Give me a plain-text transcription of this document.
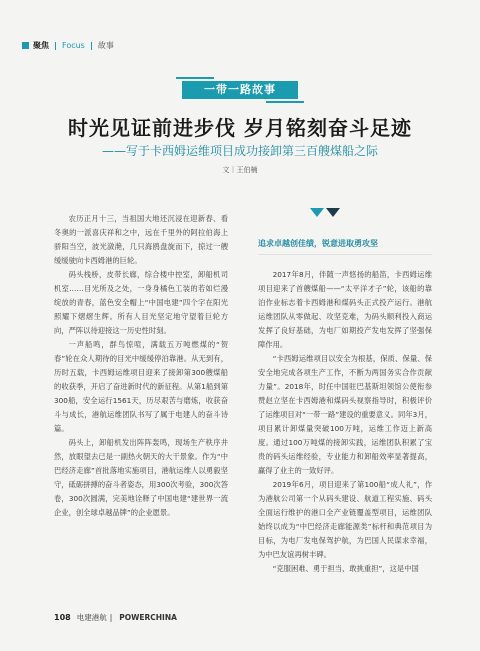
聚焦 Focus 故事
一带一路故事
时光见证前进步伐 岁月铭刻奋斗足迹
——写于卡西姆运维项目成功接卸第三百艘煤船之际
文｜王伯楠

农历正月十三，当祖国大地还沉浸在迎新春、看冬奥的一派喜庆祥和之中，远在千里外的阿拉伯海上骄阳当空，波光潋滟，几只海鸥盘旋而下，掠过一艘缓缓驶向卡西姆港的巨轮。

码头栈桥，皮带长廊，综合楼中控室，卸船机司机室……目光所及之处，一身身橘色工装的若如烂漫绽放的青春，蓝色安全帽上“中国电建”四个字在阳光照耀下熠熠生辉。所有人目光坚定地守望着巨轮方向，严阵以待迎接这一历史性时刻。

一声船鸣，群鸟惊喧，满载五万吨燃煤的“贺春”轮在众人期待的目光中缓缓停泊靠港。从无到有，历时五载，卡西姆运维项目迎来了接卸第300艘煤船的收获季，开启了奋进新时代的新征程。从第1船到第300船，安全运行1561天，历尽艰苦与磨炼，收获奋斗与成长，港航运维团队书写了属于电建人的奋斗诗篇。

码头上，卸船机发出阵阵轰鸣，现场生产秩序井然，放眼望去已是一副热火朝天的大干景象。作为“中巴经济走廊”首批落地实施项目，港航运维人以勇毅坚守，砥砺拼搏的奋斗者姿态，用300次考验，300次答卷，300次圆满，完美地诠释了中国电建“建世界一流企业，创全球卓越品牌”的企业愿景。

追求卓越创佳绩，锐意进取勇攻坚

2017年8月，伴随一声悠扬的船笛，卡西姆运维项目迎来了首艘煤船——“太平洋才子”轮，该船的靠泊作业标志着卡西姆港和煤码头正式投产运行。港航运维团队从零做起、攻坚克难，为码头顺利投入商运发挥了良好基础，为电厂如期投产发电发挥了坚强保障作用。

“卡西姆运维项目以安全为根基，保质、保量、保安全地完成各项生产工作，不断为两国务实合作贡献力量”。2018年，时任中国驻巴基斯坦领馆公使衔参赞赵立坚在卡西姆港和煤码头视察指导时，积极评价了运维项目对“一带一路”建设的重要意义。同年3月，项目累计卸煤量突破100万吨，运维工作迈上新高度。通过100万吨煤的接卸实践，运维团队积累了宝贵的码头运维经验，专业能力和卸船效率显著提高，赢得了业主的一致好评。

2019年6月，项目迎来了第100船“成人礼”，作为港航公司第一个从码头建设、航道工程实施、码头全面运行维护的港口全产业链覆盖型项目，运维团队始终以成为“中巴经济走廊能源类”标杆和典范项目为目标，为电厂发电保驾护航，为巴国人民谋求幸福，为中巴友谊再树丰碑。

“克服困难、勇于担当、敢挑重担”，这是中国

108 电建港航 | POWERCHINA
